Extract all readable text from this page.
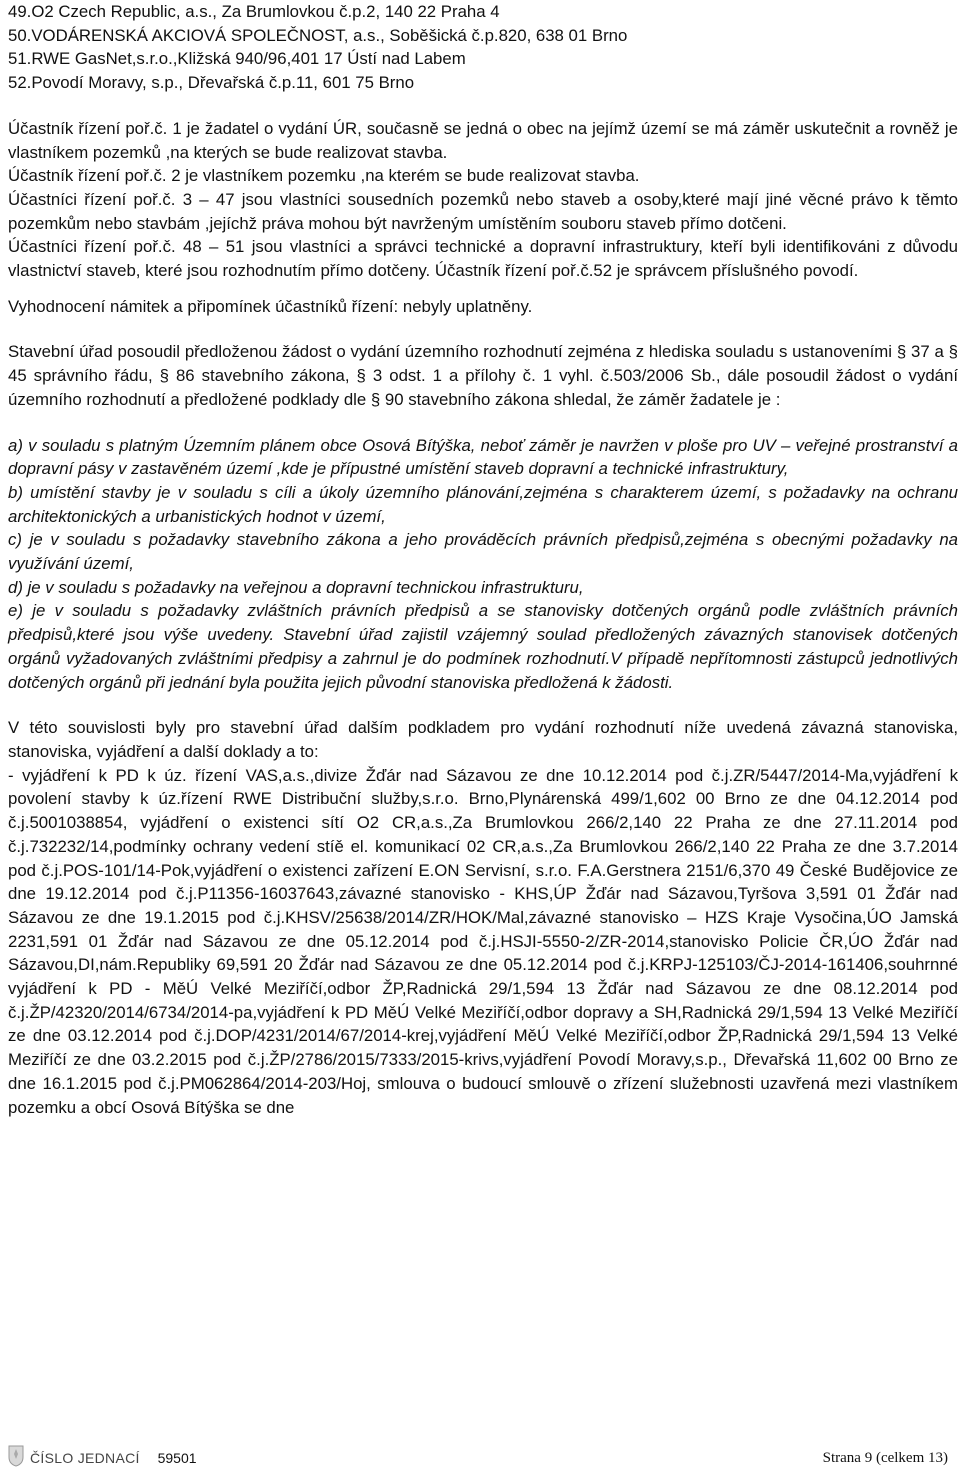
49.O2 Czech Republic, a.s., Za Brumlovkou č.p.2, 140 22 Praha 4

50.VODÁRENSKÁ AKCIOVÁ SPOLEČNOST, a.s., Soběšická č.p.820, 638 01 Brno

51.RWE GasNet,s.r.o.,Kližská 940/96,401 17 Ústí nad Labem

52.Povodí Moravy, s.p., Dřevařská č.p.11, 601 75 Brno

Účastník řízení poř.č. 1 je žadatel o vydání ÚR, současně se jedná o obec na jejímž území se má záměr uskutečnit a rovněž je vlastníkem pozemků ,na kterých se bude realizovat stavba.

Účastník řízení poř.č. 2 je vlastníkem pozemku ,na kterém se bude realizovat stavba.

Účastníci řízení poř.č. 3 – 47 jsou vlastníci sousedních pozemků nebo staveb a osoby,které mají jiné věcné právo k těmto pozemkům nebo stavbám ,jejíchž práva mohou být navrženým umístěním souboru staveb přímo dotčeni.

Účastníci řízení poř.č. 48 – 51 jsou vlastníci a správci technické a dopravní infrastruktury, kteří byli identifikováni z důvodu vlastnictví staveb, které jsou rozhodnutím přímo dotčeny. Účastník řízení poř.č.52 je správcem příslušného povodí.

Vyhodnocení námitek a připomínek účastníků řízení: nebyly uplatněny.

Stavební úřad posoudil předloženou žádost o vydání územního rozhodnutí zejména z hlediska souladu s ustanoveními § 37 a § 45 správního řádu, § 86 stavebního zákona, § 3 odst. 1 a přílohy č. 1 vyhl. č.503/2006 Sb., dále posoudil žádost o vydání územního rozhodnutí a předložené podklady dle § 90 stavebního zákona shledal, že záměr žadatele je :

a) v souladu s platným Územním plánem obce Osová Bítýška, neboť záměr je navržen v ploše pro UV – veřejné prostranství a dopravní pásy v zastavěném území ,kde je přípustné umístění staveb dopravní a technické infrastruktury,

b) umístění stavby je v souladu s cíli a úkoly územního plánování,zejména s charakterem území, s požadavky na ochranu architektonických a urbanistických hodnot v území,

c) je v souladu s požadavky stavebního zákona a jeho prováděcích právních předpisů,zejména s obecnými požadavky na využívání území,

d) je v souladu s požadavky na veřejnou a dopravní technickou infrastrukturu,

e) je v souladu s požadavky zvláštních právních předpisů a se stanovisky dotčených orgánů podle zvláštních právních předpisů,které jsou výše uvedeny. Stavební úřad zajistil vzájemný soulad předložených závazných stanovisek dotčených orgánů vyžadovaných zvláštními předpisy a zahrnul je do podmínek rozhodnutí.V případě nepřítomnosti zástupců jednotlivých dotčených orgánů při jednání byla použita jejich původní stanoviska předložená k žádosti.

V této souvislosti byly pro stavební úřad dalším podkladem pro vydání rozhodnutí níže uvedená závazná stanoviska, stanoviska, vyjádření a další doklady a to:

- vyjádření k PD k úz. řízení VAS,a.s.,divize Žďár nad Sázavou ze dne 10.12.2014 pod č.j.ZR/5447/2014-Ma,vyjádření k povolení stavby k úz.řízení RWE Distribuční služby,s.r.o. Brno,Plynárenská 499/1,602 00 Brno ze dne 04.12.2014 pod č.j.5001038854, vyjádření o existenci sítí O2 CR,a.s.,Za Brumlovkou 266/2,140 22 Praha ze dne 27.11.2014 pod č.j.732232/14,podmínky ochrany vedení stíě el. komunikací 02 CR,a.s.,Za Brumlovkou 266/2,140 22 Praha ze dne 3.7.2014 pod č.j.POS-101/14-Pok,vyjádření o existenci zařízení E.ON Servisní, s.r.o. F.A.Gerstnera 2151/6,370 49 České Budějovice ze dne 19.12.2014 pod č.j.P11356-16037643,závazné stanovisko - KHS,ÚP Žďár nad Sázavou,Tyršova 3,591 01 Žďár nad Sázavou ze dne 19.1.2015 pod č.j.KHSV/25638/2014/ZR/HOK/Mal,závazné stanovisko – HZS Kraje Vysočina,ÚO Jamská 2231,591 01 Žďár nad Sázavou ze dne 05.12.2014 pod č.j.HSJI-5550-2/ZR-2014,stanovisko Policie ČR,ÚO Žďár nad Sázavou,DI,nám.Republiky 69,591 20 Žďár nad Sázavou ze dne 05.12.2014 pod č.j.KRPJ-125103/ČJ-2014-161406,souhrnné vyjádření k PD - MěÚ Velké Meziříčí,odbor ŽP,Radnická 29/1,594 13 Žďár nad Sázavou ze dne 08.12.2014 pod č.j.ŽP/42320/2014/6734/2014-pa,vyjádření k PD MěÚ Velké Meziříčí,odbor dopravy a SH,Radnická 29/1,594 13 Velké Meziříčí ze dne 03.12.2014 pod č.j.DOP/4231/2014/67/2014-krej,vyjádření MěÚ Velké Meziříčí,odbor ŽP,Radnická 29/1,594 13 Velké Meziříčí ze dne 03.2.2015 pod č.j.ŽP/2786/2015/7333/2015-krivs,vyjádření Povodí Moravy,s.p., Dřevařská 11,602 00 Brno ze dne 16.1.2015 pod č.j.PM062864/2014-203/Hoj, smlouva o budoucí smlouvě o zřízení služebnosti uzavřená mezi vlastníkem pozemku a obcí Osová Bítýška se dne

ČÍSLO JEDNACÍ 59501	Strana 9 (celkem 13)
